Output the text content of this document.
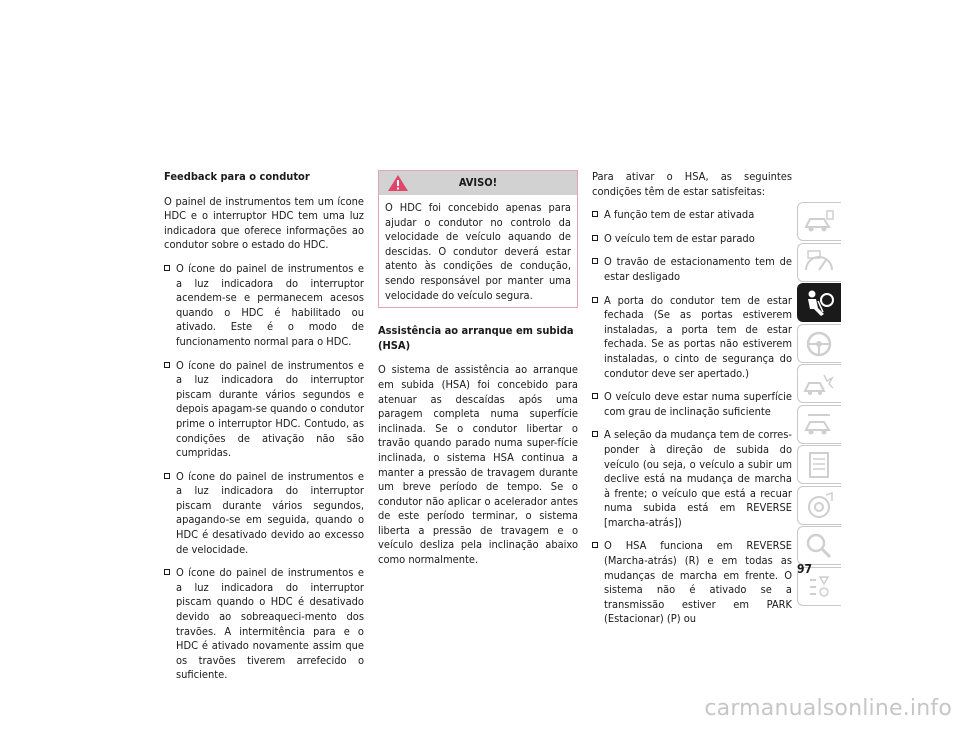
Feedback para o condutor

O painel de instrumentos tem um ícone HDC e o interruptor HDC tem uma luz indicadora que oferece informações ao condutor sobre o estado do HDC.

O ícone do painel de instrumentos e a luz indicadora do interruptor acendem-se e permanecem acesos quando o HDC é habilitado ou ativado. Este é o modo de funcionamento normal para o HDC.
O ícone do painel de instrumentos e a luz indicadora do interruptor piscam durante vários segundos e depois apagam-se quando o condutor prime o interruptor HDC. Contudo, as condições de ativação não são cumpridas.
O ícone do painel de instrumentos e a luz indicadora do interruptor piscam durante vários segundos, apagando-se em seguida, quando o HDC é desativado devido ao excesso de velocidade.
O ícone do painel de instrumentos e a luz indicadora do interruptor piscam quando o HDC é desativado devido ao sobreaqueci-mento dos travões. A intermitência para e o HDC é ativado novamente assim que os travões tiverem arrefecido o suficiente.
AVISO!
O HDC foi concebido apenas para ajudar o condutor no controlo da velocidade de veículo aquando de descidas. O condutor deverá estar atento às condições de condução, sendo responsável por manter uma velocidade do veículo segura.
Assistência ao arranque em subida (HSA)

O sistema de assistência ao arranque em subida (HSA) foi concebido para atenuar as descaídas após uma paragem completa numa superfície inclinada. Se o condutor libertar o travão quando parado numa super-fície inclinada, o sistema HSA continua a manter a pressão de travagem durante um breve período de tempo. Se o condutor não aplicar o acelerador antes de este período terminar, o sistema liberta a pressão de travagem e o veículo desliza pela inclinação abaixo como normalmente.

Para ativar o HSA, as seguintes condições têm de estar satisfeitas:

A função tem de estar ativada
O veículo tem de estar parado
O travão de estacionamento tem de estar desligado
A porta do condutor tem de estar fechada (Se as portas estiverem instaladas, a porta tem de estar fechada. Se as portas não estiverem instaladas, o cinto de segurança do condutor deve ser apertado.)
O veículo deve estar numa superfície com grau de inclinação suficiente
A seleção da mudança tem de corres-ponder à direção de subida do veículo (ou seja, o veículo a subir um declive está na mudança de marcha à frente; o veículo que está a recuar numa subida está em REVERSE [marcha-atrás])
O HSA funciona em REVERSE (Marcha-atrás) (R) e em todas as mudanças de marcha em frente. O sistema não é ativado se a transmissão estiver em PARK (Estacionar) (P) ou
97
carmanualsonline.info
